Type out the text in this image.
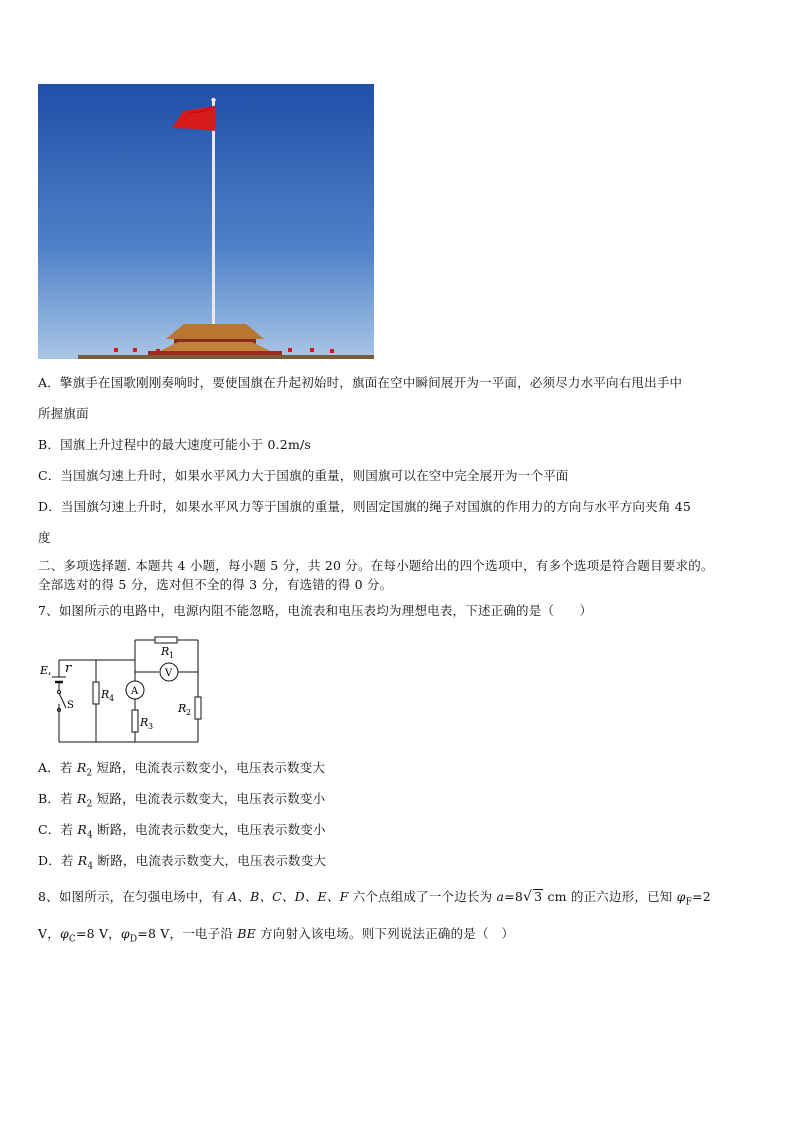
A．擎旗手在国歌刚刚奏响时，要使国旗在升起初始时，旗面在空中瞬间展开为一平面，必须尽力水平向右甩出手中
所握旗面
B．国旗上升过程中的最大速度可能小于 0.2m/s
C．当国旗匀速上升时，如果水平风力大于国旗的重量，则国旗可以在空中完全展开为一个平面
D．当国旗匀速上升时，如果水平风力等于国旗的重量，则固定国旗的绳子对国旗的作用力的方向与水平方向夹角 45
度
二、多项选择题. 本题共 4 小题，每小题 5 分，共 20 分。在每小题给出的四个选项中，有多个选项是符合题目要求的。
全部选对的得 5 分，选对但不全的得 3 分，有选错的得 0 分。
7、如图所示的电路中，电源内阻不能忽略，电流表和电压表均为理想电表，下述正确的是（　　）
E , r
S
R 1
V
A
R 4
R 3
R 2
A．若 $R_2$ 短路，电流表示数变小，电压表示数变大
B．若 $R_2$ 短路，电流表示数变大，电压表示数变小
C．若 $R_4$ 断路，电流表示数变大，电压表示数变小
D．若 $R_4$ 断路，电流表示数变大，电压表示数变大
8、如图所示，在匀强电场中，有 A、B、C、D、E、F 六个点组成了一个边长为 a=8√ 3 cm 的正六边形，已知 $\varphi_F=2$
V，$\varphi_C=8$ V，$\varphi_D=8$ V，一电子沿 BE 方向射入该电场。则下列说法正确的是（　）
